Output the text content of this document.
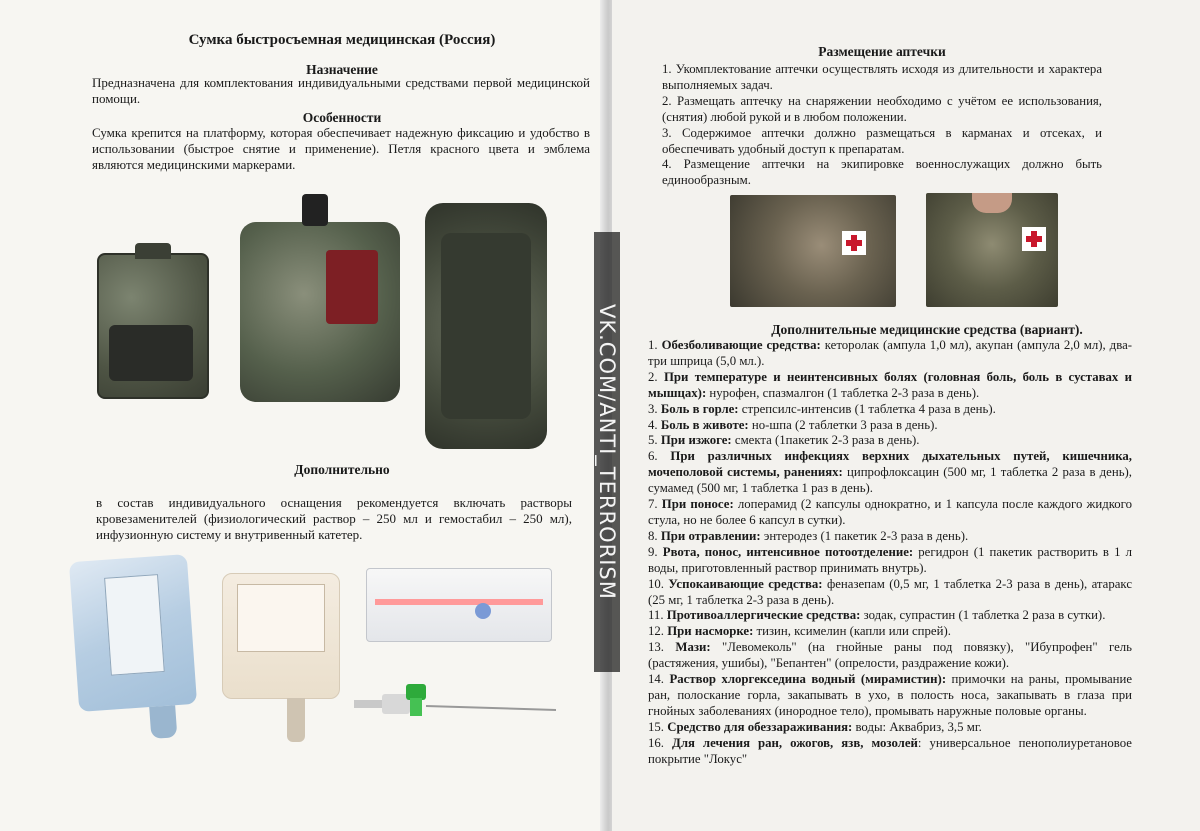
Сумка быстросъемная медицинская (Россия)
Назначение
Предназначена для комплектования индивидуальными средствами первой медицинской помощи.
Особенности
Сумка крепится на платформу, которая обеспечивает надежную фиксацию и удобство в использовании (быстрое снятие и применение). Петля красного цвета и эмблема являются медицинскими маркерами.
Дополнительно
в состав индивидуального оснащения рекомендуется включать растворы кровезаменителей (физиологический раствор – 250 мл и гемостабил – 250 мл), инфузионную систему и внутривенный катетер.
Размещение аптечки
1. Укомплектование аптечки осуществлять исходя из длительности и характера выполняемых задач.
2. Размещать аптечку на снаряжении необходимо с учётом ее использования, (снятия) любой рукой и в любом положении.
3. Содержимое аптечки должно размещаться в карманах и отсеках, и обеспечивать удобный доступ к препаратам.
4. Размещение аптечки на экипировке военнослужащих должно быть единообразным.
Дополнительные медицинские средства (вариант).
1. Обезболивающие средства: кеторолак (ампула 1,0 мл), акупан (ампула 2,0 мл), два-три шприца (5,0 мл.).
2. При температуре и неинтенсивных болях (головная боль, боль в суставах и мышцах): нурофен, спазмалгон (1 таблетка 2-3 раза в день).
3. Боль в горле: стрепсилс-интенсив (1 таблетка 4 раза в день).
4. Боль в животе: но-шпа (2 таблетки 3 раза в день).
5. При изжоге: смекта (1пакетик 2-3 раза в день).
6. При различных инфекциях верхних дыхательных путей, кишечника, мочеполовой системы, ранениях: ципрофлоксацин (500 мг, 1 таблетка 2 раза в день), сумамед (500 мг, 1 таблетка 1 раз в день).
7. При поносе: лоперамид (2 капсулы однократно, и 1 капсула после каждого жидкого стула, но не более 6 капсул в сутки).
8. При отравлении: энтеродез (1 пакетик 2-3 раза в день).
9. Рвота, понос, интенсивное потоотделение: регидрон (1 пакетик растворить в 1 л воды, приготовленный раствор принимать внутрь).
10. Успокаивающие средства: феназепам (0,5 мг, 1 таблетка 2-3 раза в день), атаракс (25 мг, 1 таблетка 2-3 раза в день).
11. Противоаллергические средства: зодак, супрастин (1 таблетка 2 раза в сутки).
12. При насморке: тизин, ксимелин (капли или спрей).
13. Мази: "Левомеколь" (на гнойные раны под повязку), "Ибупрофен" гель (растяжения, ушибы), "Бепантен" (опрелости, раздражение кожи).
14. Раствор хлоргексединa водный (мирамистин): примочки на раны, промывание ран, полоскание горла, закапывать в ухо, в полость носа, закапывать в глаза при гнойных заболеваниях (инородное тело), промывать наружные половые органы.
15. Средство для обеззараживания: воды: Аквабриз, 3,5 мг.
16. Для лечения ран, ожогов, язв, мозолей: универсальное пенополиуретановое покрытие "Локус"
VK.COM/ANTI_TERRORISM
